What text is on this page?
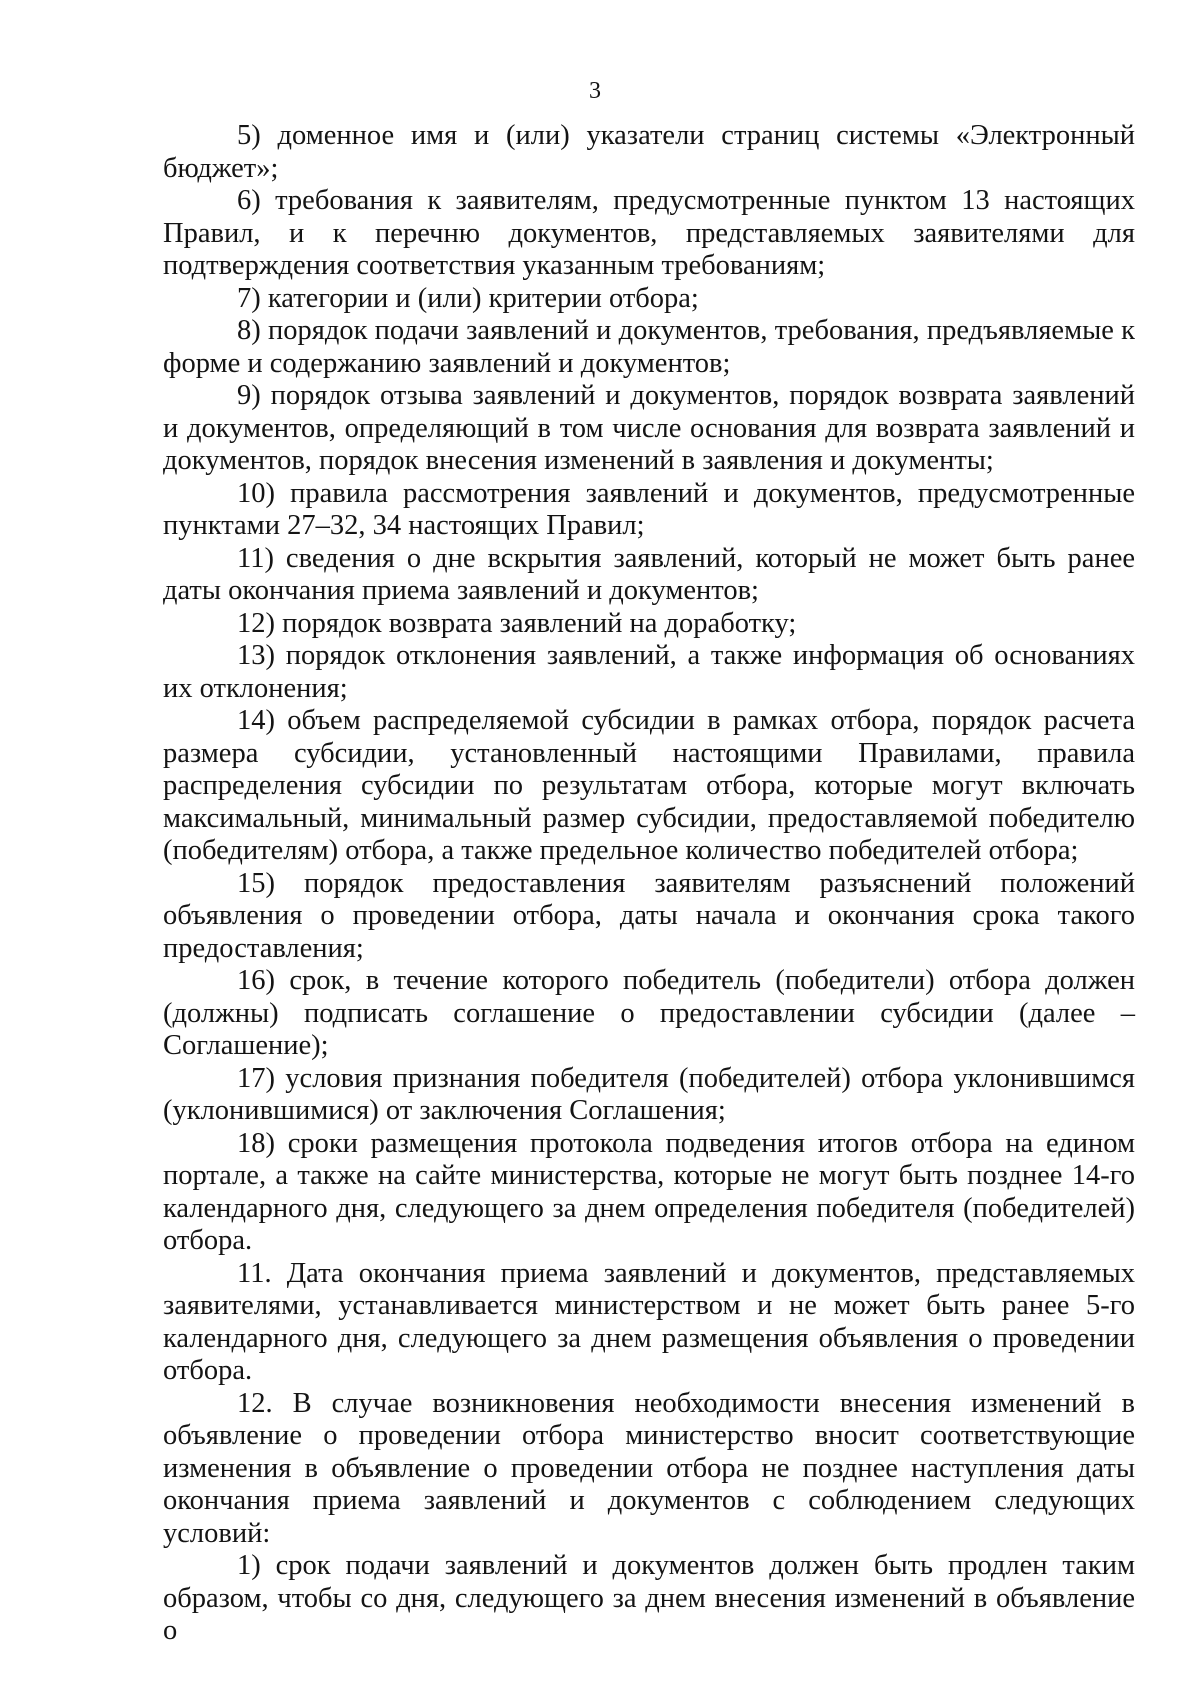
3

5) доменное имя и (или) указатели страниц системы «Электронный бюджет»;

6) требования к заявителям, предусмотренные пунктом 13 настоящих Правил, и к перечню документов, представляемых заявителями для подтверждения соответствия указанным требованиям;

7) категории и (или) критерии отбора;

8) порядок подачи заявлений и документов, требования, предъявляемые к форме и содержанию заявлений и документов;

9) порядок отзыва заявлений и документов, порядок возврата заявлений и документов, определяющий в том числе основания для возврата заявлений и документов, порядок внесения изменений в заявления и документы;

10) правила рассмотрения заявлений и документов, предусмотренные пунктами 27–32, 34 настоящих Правил;

11) сведения о дне вскрытия заявлений, который не может быть ранее даты окончания приема заявлений и документов;

12) порядок возврата заявлений на доработку;

13) порядок отклонения заявлений, а также информация об основаниях их отклонения;

14) объем распределяемой субсидии в рамках отбора, порядок расчета размера субсидии, установленный настоящими Правилами, правила распределения субсидии по результатам отбора, которые могут включать максимальный, минимальный размер субсидии, предоставляемой победителю (победителям) отбора, а также предельное количество победителей отбора;

15) порядок предоставления заявителям разъяснений положений объявления о проведении отбора, даты начала и окончания срока такого предоставления;

16) срок, в течение которого победитель (победители) отбора должен (должны) подписать соглашение о предоставлении субсидии (далее – Соглашение);

17) условия признания победителя (победителей) отбора уклонившимся (уклонившимися) от заключения Соглашения;

18) сроки размещения протокола подведения итогов отбора на едином портале, а также на сайте министерства, которые не могут быть позднее 14-го календарного дня, следующего за днем определения победителя (победителей) отбора.

11. Дата окончания приема заявлений и документов, представляемых заявителями, устанавливается министерством и не может быть ранее 5-го календарного дня, следующего за днем размещения объявления о проведении отбора.

12. В случае возникновения необходимости внесения изменений в объявление о проведении отбора министерство вносит соответствующие изменения в объявление о проведении отбора не позднее наступления даты окончания приема заявлений и документов с соблюдением следующих условий:

1) срок подачи заявлений и документов должен быть продлен таким образом, чтобы со дня, следующего за днем внесения изменений в объявление о
